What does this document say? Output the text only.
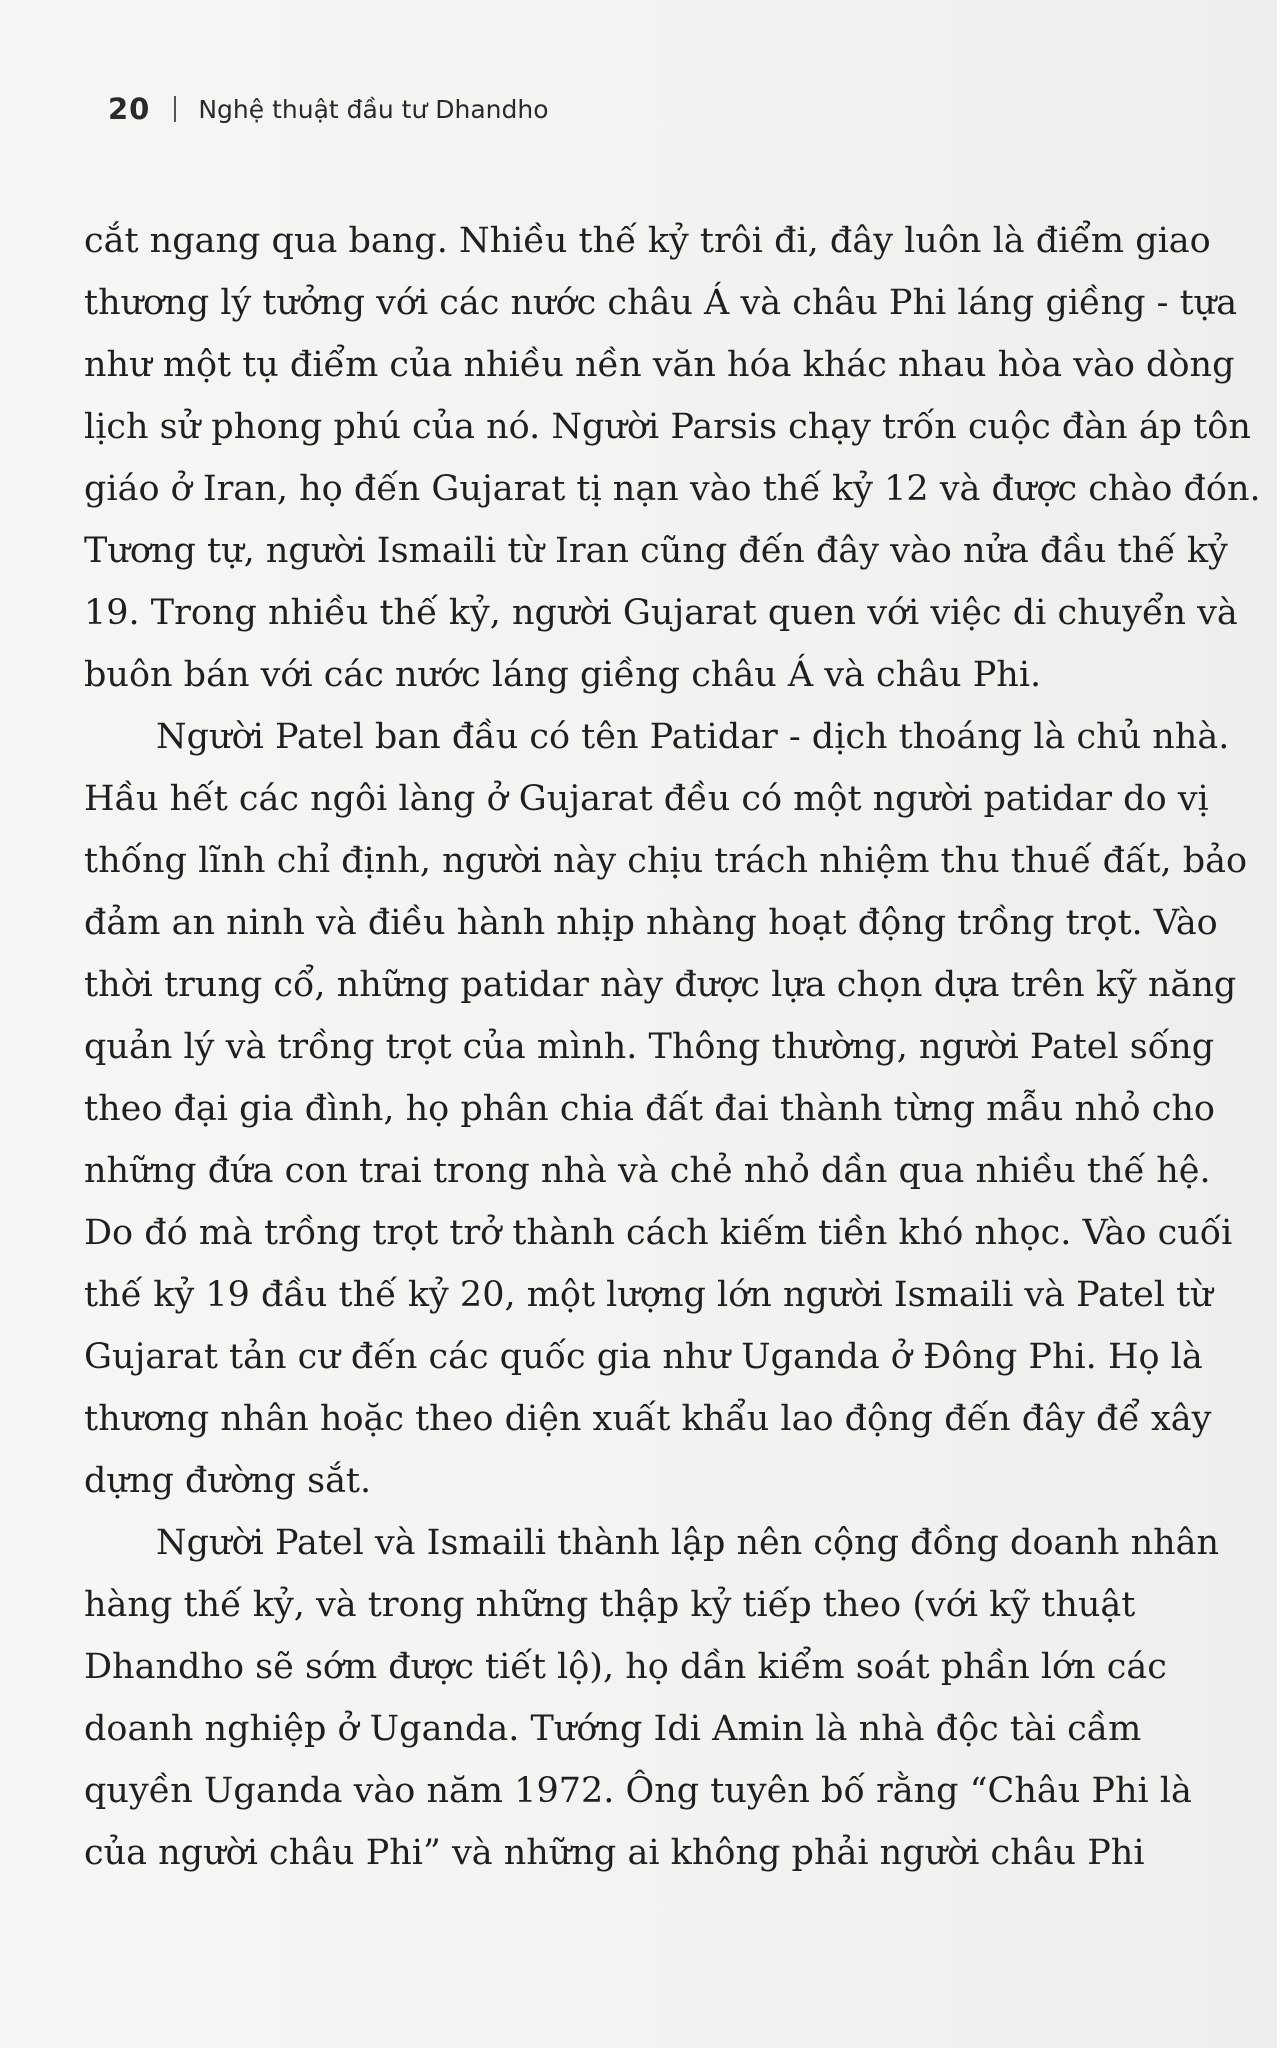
20 Nghệ thuật đầu tư Dhandho

cắt ngang qua bang. Nhiều thế kỷ trôi đi, đây luôn là điểm giao
thương lý tưởng với các nước châu Á và châu Phi láng giềng - tựa
như một tụ điểm của nhiều nền văn hóa khác nhau hòa vào dòng
lịch sử phong phú của nó. Người Parsis chạy trốn cuộc đàn áp tôn
giáo ở Iran, họ đến Gujarat tị nạn vào thế kỷ 12 và được chào đón.
Tương tự, người Ismaili từ Iran cũng đến đây vào nửa đầu thế kỷ
19. Trong nhiều thế kỷ, người Gujarat quen với việc di chuyển và
buôn bán với các nước láng giềng châu Á và châu Phi.

Người Patel ban đầu có tên Patidar - dịch thoáng là chủ nhà.
Hầu hết các ngôi làng ở Gujarat đều có một người patidar do vị
thống lĩnh chỉ định, người này chịu trách nhiệm thu thuế đất, bảo
đảm an ninh và điều hành nhịp nhàng hoạt động trồng trọt. Vào
thời trung cổ, những patidar này được lựa chọn dựa trên kỹ năng
quản lý và trồng trọt của mình. Thông thường, người Patel sống
theo đại gia đình, họ phân chia đất đai thành từng mẫu nhỏ cho
những đứa con trai trong nhà và chẻ nhỏ dần qua nhiều thế hệ.
Do đó mà trồng trọt trở thành cách kiếm tiền khó nhọc. Vào cuối
thế kỷ 19 đầu thế kỷ 20, một lượng lớn người Ismaili và Patel từ
Gujarat tản cư đến các quốc gia như Uganda ở Đông Phi. Họ là
thương nhân hoặc theo diện xuất khẩu lao động đến đây để xây
dựng đường sắt.

Người Patel và Ismaili thành lập nên cộng đồng doanh nhân
hàng thế kỷ, và trong những thập kỷ tiếp theo (với kỹ thuật
Dhandho sẽ sớm được tiết lộ), họ dần kiểm soát phần lớn các
doanh nghiệp ở Uganda. Tướng Idi Amin là nhà độc tài cầm
quyền Uganda vào năm 1972. Ông tuyên bố rằng “Châu Phi là
của người châu Phi” và những ai không phải người châu Phi
